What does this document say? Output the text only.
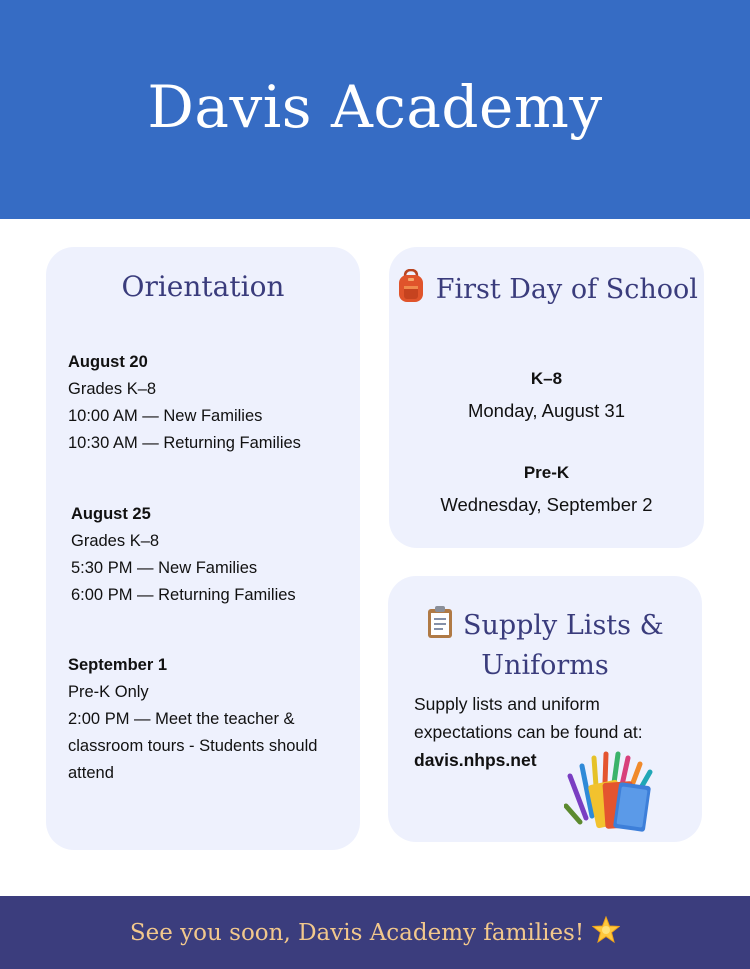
Davis Academy
Orientation
August 20
Grades K–8
10:00 AM — New Families
10:30 AM — Returning Families
August 25
Grades K–8
5:30 PM — New Families
6:00 PM — Returning Families
September 1
Pre-K Only
2:00 PM — Meet the teacher & classroom tours - Students should attend
First Day of School
K–8
Monday, August 31
Pre-K
Wednesday, September 2
Supply Lists & Uniforms
Supply lists and uniform expectations can be found at:
davis.nhps.net
See you soon, Davis Academy families!
